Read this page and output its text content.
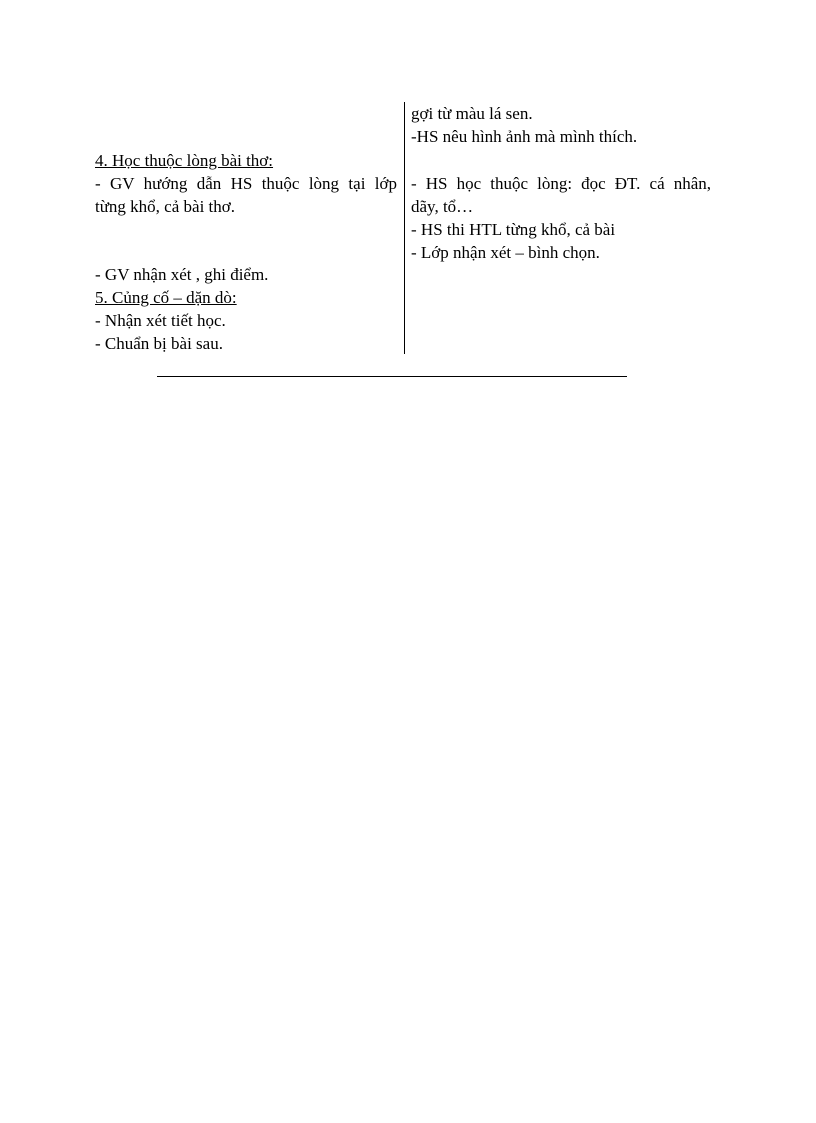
4. Học thuộc lòng bài thơ:
- GV hướng dẫn HS thuộc lòng tại lớp
từng khổ, cả bài thơ.
- GV nhận xét , ghi điểm.
5. Củng cố – dặn dò:
- Nhận xét tiết học.
- Chuẩn bị bài sau.
gợi từ màu lá sen.
-HS nêu hình ảnh mà mình thích.
- HS học thuộc lòng: đọc ĐT. cá nhân,
dãy, tổ…
- HS thi HTL từng khổ, cả bài
- Lớp nhận xét – bình chọn.
